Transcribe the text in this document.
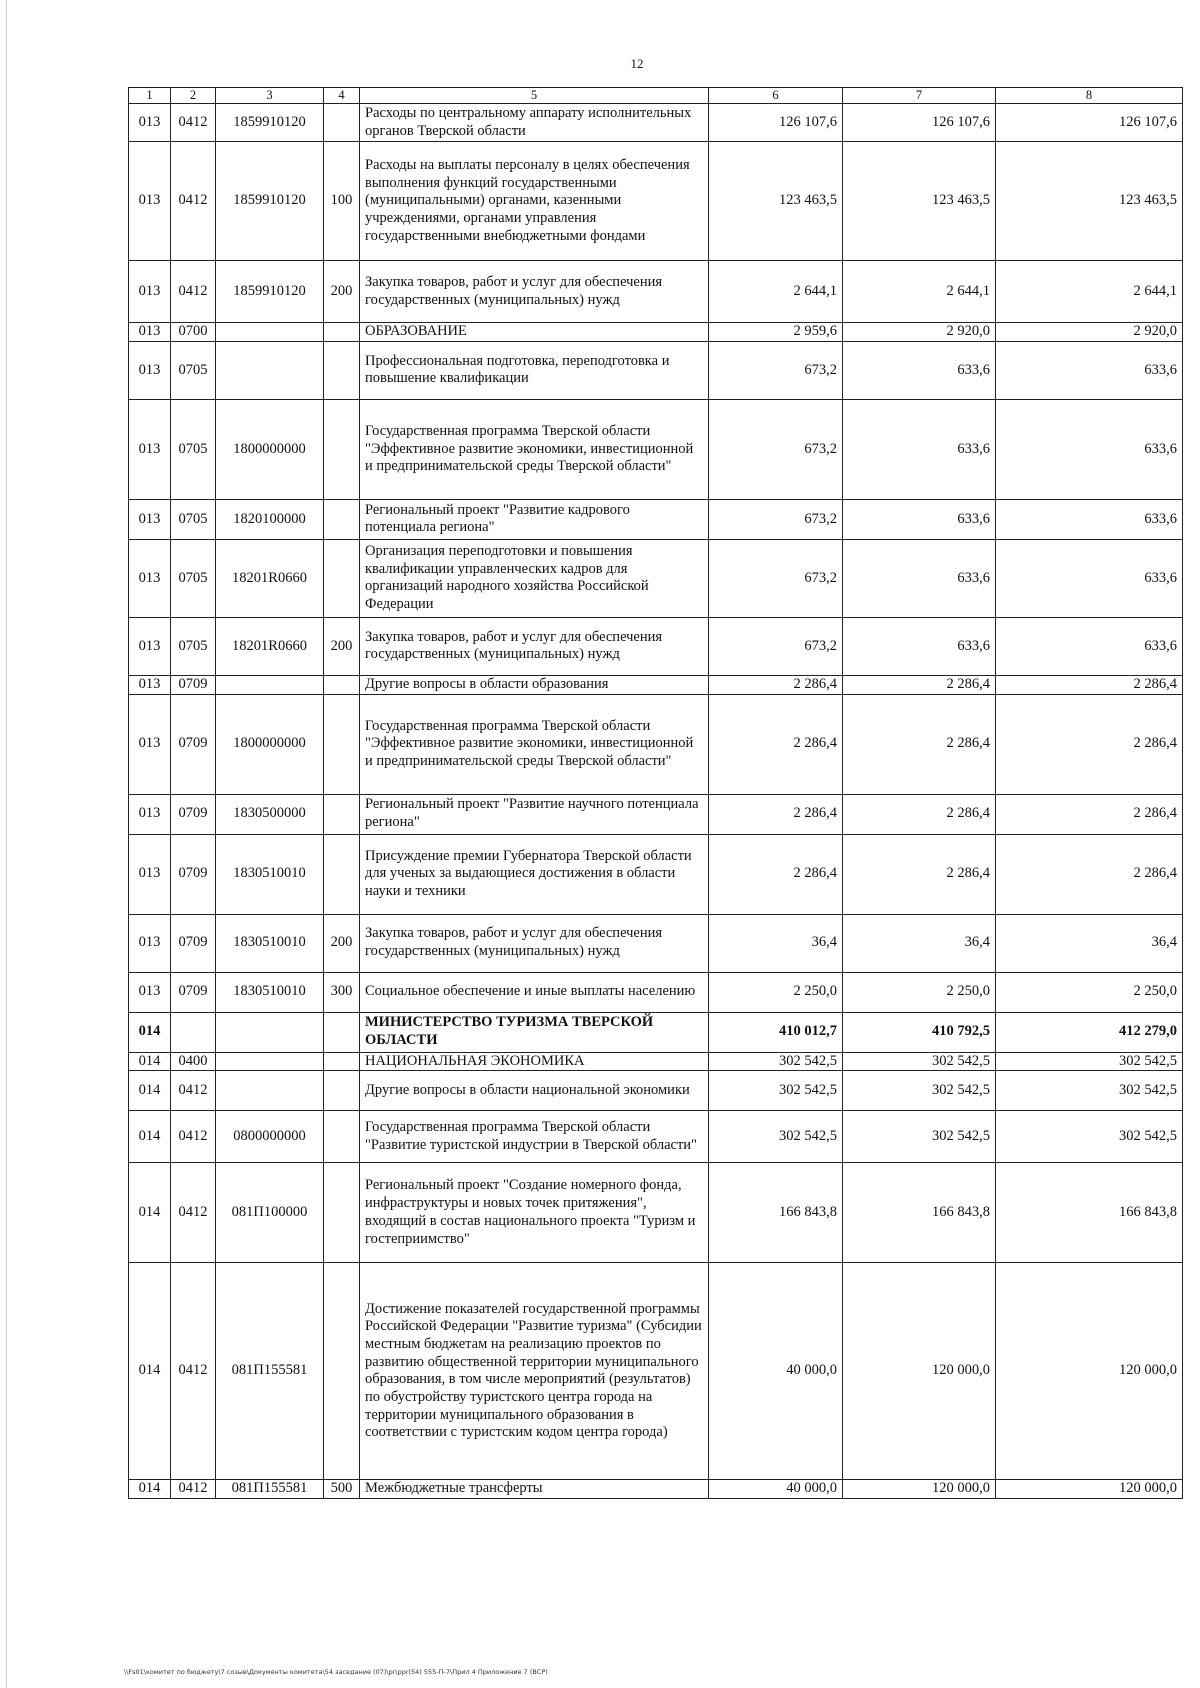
12
1	2	3	4	5	6	7	8
013	0412	1859910120		Расходы по центральному аппарату исполнительных органов Тверской области	126 107,6	126 107,6	126 107,6
013	0412	1859910120	100	Расходы на выплаты персоналу в целях обеспечения выполнения функций государственными (муниципальными) органами, казенными учреждениями, органами управления государственными внебюджетными фондами	123 463,5	123 463,5	123 463,5
013	0412	1859910120	200	Закупка товаров, работ и услуг для обеспечения государственных (муниципальных) нужд	2 644,1	2 644,1	2 644,1
013	0700			ОБРАЗОВАНИЕ	2 959,6	2 920,0	2 920,0
013	0705			Профессиональная подготовка, переподготовка и повышение квалификации	673,2	633,6	633,6
013	0705	1800000000		Государственная программа Тверской области "Эффективное развитие экономики, инвестиционной и предпринимательской среды Тверской области"	673,2	633,6	633,6
013	0705	1820100000		Региональный проект "Развитие кадрового потенциала региона"	673,2	633,6	633,6
013	0705	18201R0660		Организация переподготовки и повышения квалификации управленческих кадров для организаций народного хозяйства Российской Федерации	673,2	633,6	633,6
013	0705	18201R0660	200	Закупка товаров, работ и услуг для обеспечения государственных (муниципальных) нужд	673,2	633,6	633,6
013	0709			Другие вопросы в области образования	2 286,4	2 286,4	2 286,4
013	0709	1800000000		Государственная программа Тверской области "Эффективное развитие экономики, инвестиционной и предпринимательской среды Тверской области"	2 286,4	2 286,4	2 286,4
013	0709	1830500000		Региональный проект "Развитие научного потенциала региона"	2 286,4	2 286,4	2 286,4
013	0709	1830510010		Присуждение премии Губернатора Тверской области для ученых за выдающиеся достижения в области науки и техники	2 286,4	2 286,4	2 286,4
013	0709	1830510010	200	Закупка товаров, работ и услуг для обеспечения государственных (муниципальных) нужд	36,4	36,4	36,4
013	0709	1830510010	300	Социальное обеспечение и иные выплаты населению	2 250,0	2 250,0	2 250,0
014				МИНИСТЕРСТВО ТУРИЗМА ТВЕРСКОЙ ОБЛАСТИ	410 012,7	410 792,5	412 279,0
014	0400			НАЦИОНАЛЬНАЯ ЭКОНОМИКА	302 542,5	302 542,5	302 542,5
014	0412			Другие вопросы в области национальной экономики	302 542,5	302 542,5	302 542,5
014	0412	0800000000		Государственная программа Тверской области "Развитие туристской индустрии в Тверской области"	302 542,5	302 542,5	302 542,5
014	0412	081П100000		Региональный проект "Создание номерного фонда, инфраструктуры и новых точек притяжения", входящий в состав национального проекта "Туризм и гостеприимство"	166 843,8	166 843,8	166 843,8
014	0412	081П155581		Достижение показателей государственной программы Российской Федерации "Развитие туризма" (Субсидии местным бюджетам на реализацию проектов по развитию общественной территории муниципального образования, в том числе мероприятий (результатов) по обустройству туристского центра города на территории муниципального образования в соответствии с туристским кодом центра города)	40 000,0	120 000,0	120 000,0
014	0412	081П155581	500	Межбюджетные трансферты	40 000,0	120 000,0	120 000,0
\\Fs01\комитет по бюджету\7 созыв\Документы комитета\54 заседание (07)\pr\ppr(54) 555-П-7\Прил 4 Приложение 7 (ВСР)
